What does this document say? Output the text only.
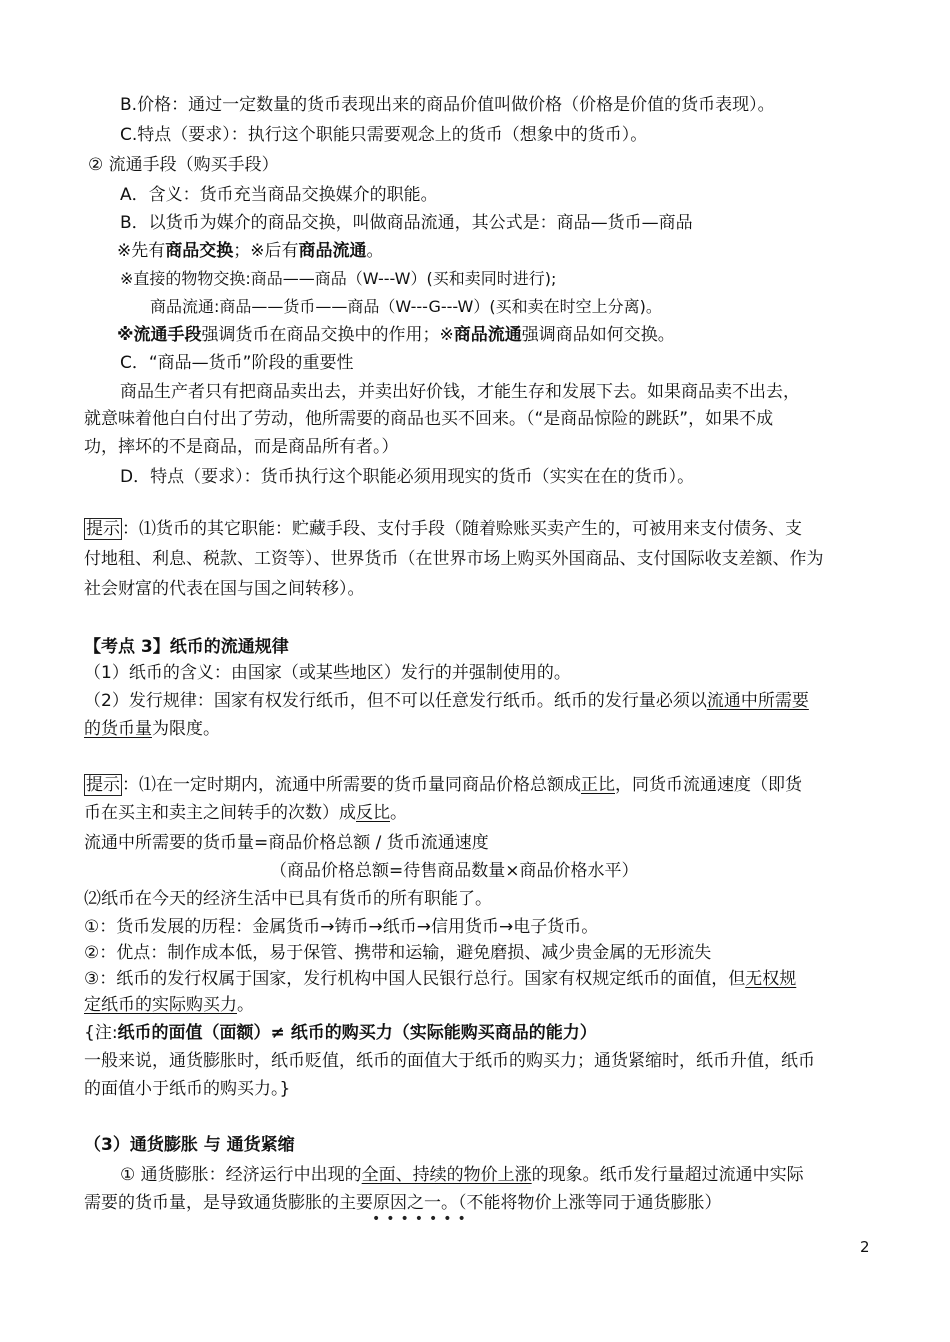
B.价格：通过一定数量的货币表现出来的商品价值叫做价格（价格是价值的货币表现）。
C.特点（要求）：执行这个职能只需要观念上的货币（想象中的货币）。
② 流通手段（购买手段）
A．含义：货币充当商品交换媒介的职能。
B．以货币为媒介的商品交换，叫做商品流通，其公式是：商品—货币—商品
※先有商品交换；※后有商品流通。
※直接的物物交换:商品——商品（W---W）(买和卖同时进行);
商品流通:商品——货币——商品（W---G---W）(买和卖在时空上分离)。
※流通手段强调货币在商品交换中的作用；※商品流通强调商品如何交换。
C．“商品—货币”阶段的重要性
商品生产者只有把商品卖出去，并卖出好价钱，才能生存和发展下去。如果商品卖不出去，
就意味着他白白付出了劳动，他所需要的商品也买不回来。（“是商品惊险的跳跃”，如果不成
功，摔坏的不是商品，而是商品所有者。）
D．特点（要求）：货币执行这个职能必须用现实的货币（实实在在的货币）。
提示 ：⑴货币的其它职能：贮藏手段、支付手段（随着赊账买卖产生的，可被用来支付债务、支
付地租、利息、税款、工资等）、世界货币（在世界市场上购买外国商品、支付国际收支差额、作为
社会财富的代表在国与国之间转移）。
【考点 3】纸币的流通规律
（1）纸币的含义：由国家（或某些地区）发行的并强制使用的。
（2）发行规律：国家有权发行纸币，但不可以任意发行纸币。纸币的发行量必须以流通中所需要
的货币量为限度。
提示 ：⑴在一定时期内，流通中所需要的货币量同商品价格总额成正比，同货币流通速度（即货
币在买主和卖主之间转手的次数）成反比。
流通中所需要的货币量=商品价格总额 / 货币流通速度
（商品价格总额=待售商品数量×商品价格水平）
⑵纸币在今天的经济生活中已具有货币的所有职能了。
①：货币发展的历程：金属货币→铸币→纸币→信用货币→电子货币。
②：优点：制作成本低，易于保管、携带和运输，避免磨损、减少贵金属的无形流失
③：纸币的发行权属于国家，发行机构中国人民银行总行。国家有权规定纸币的面值，但无权规
定纸币的实际购买力。
{注:纸币的面值（面额）≠ 纸币的购买力（实际能购买商品的能力）
一般来说，通货膨胀时，纸币贬值，纸币的面值大于纸币的购买力；通货紧缩时，纸币升值，纸币
的面值小于纸币的购买力。}
（3）通货膨胀 与 通货紧缩
① 通货膨胀：经济运行中出现的全面、持续的物价上涨的现象。纸币发行量超过流通中实际
需要的货币量，是导致通货膨胀的主要原因之一。（不能将物价上涨等同于通货膨胀）
•••••••
2
